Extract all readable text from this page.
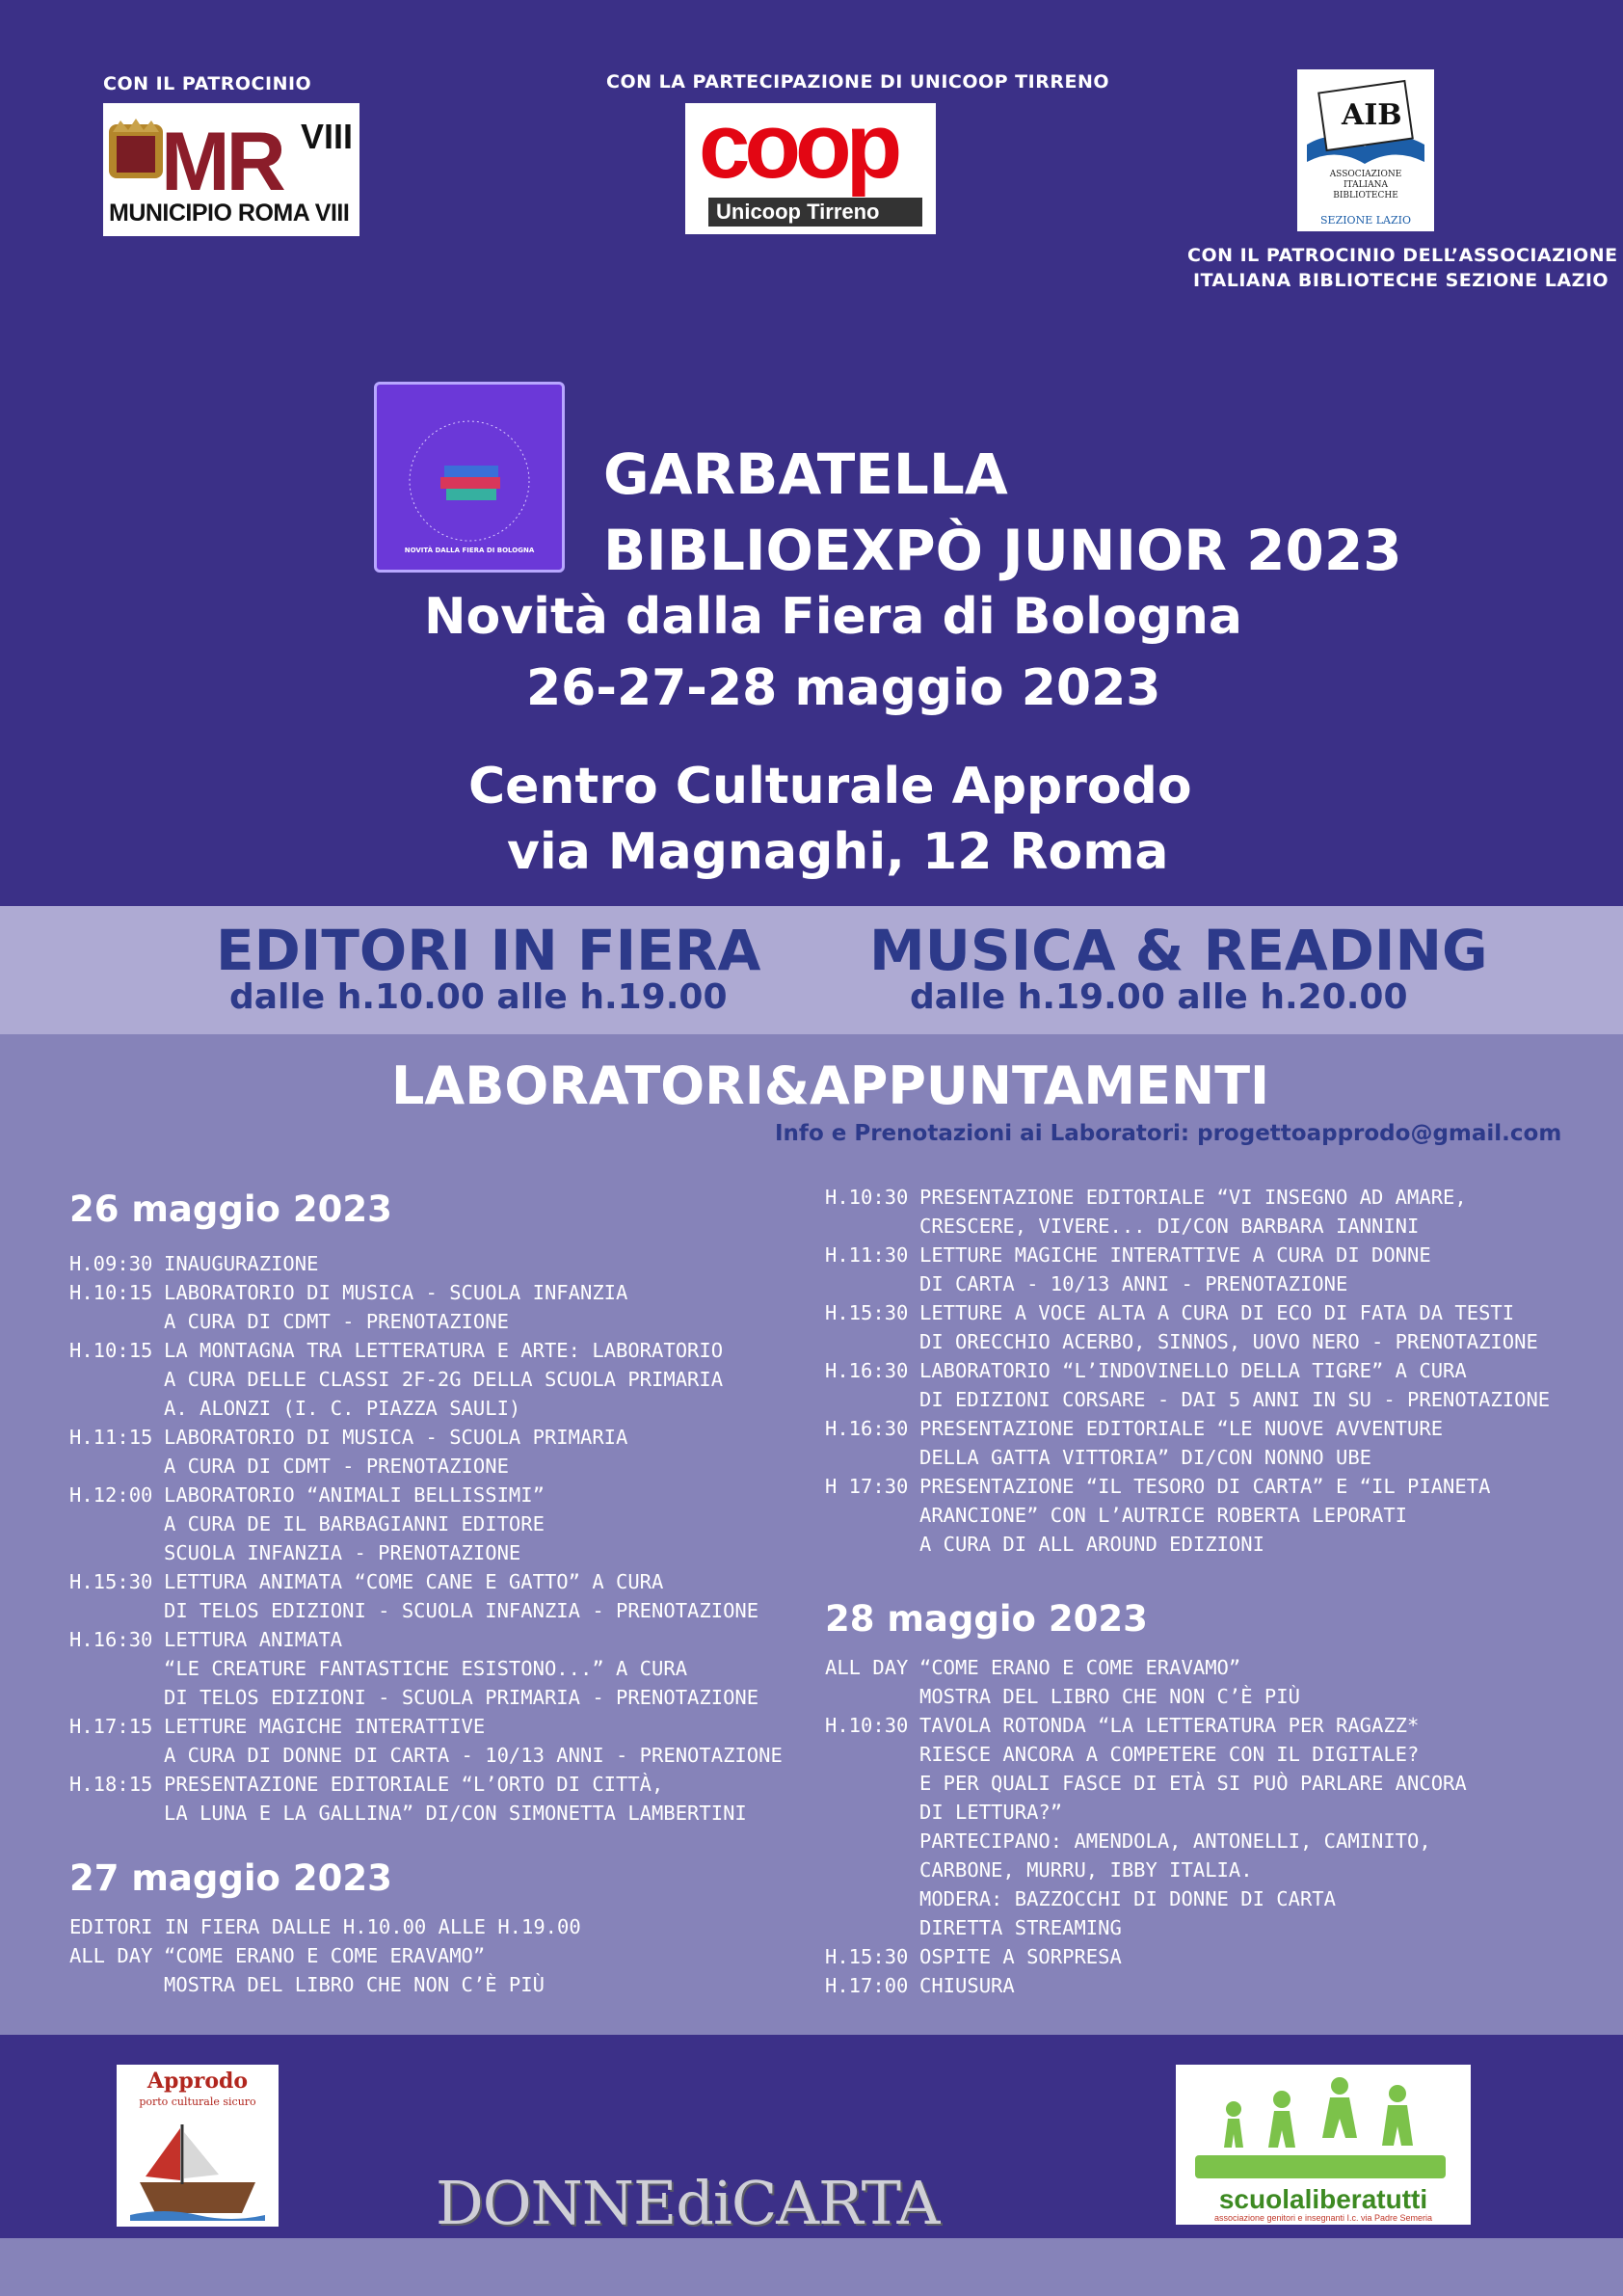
CON IL PATROCINIO	CON LA PARTECIPAZIONE DI UNICOOP TIRRENO
MR VIII
MUNICIPIO ROMA VIII
coop
Unicoop Tirreno
AIB
ASSOCIAZIONE
ITALIANA
BIBLIOTECHE
SEZIONE LAZIO
CON IL PATROCINIO DELL’ASSOCIAZIONE
ITALIANA BIBLIOTECHE SEZIONE LAZIO
NOVITÀ DALLA FIERA DI BOLOGNA
GARBATELLA
BIBLIOEXPÒ JUNIOR 2023
Novità dalla Fiera di Bologna
26-27-28 maggio 2023
Centro Culturale Approdo
via Magnaghi, 12 Roma
EDITORI IN FIERA
dalle h.10.00 alle h.19.00
MUSICA & READING
dalle h.19.00 alle h.20.00
LABORATORI&APPUNTAMENTI
Info e Prenotazioni ai Laboratori: progettoapprodo@gmail.com
26 maggio 2023
H.09:30 INAUGURAZIONE
H.10:15 LABORATORIO DI MUSICA - SCUOLA INFANZIA
A CURA DI CDMT - PRENOTAZIONE
H.10:15 LA MONTAGNA TRA LETTERATURA E ARTE: LABORATORIO
A CURA DELLE CLASSI 2F-2G DELLA SCUOLA PRIMARIA
A. ALONZI (I. C. PIAZZA SAULI)
H.11:15 LABORATORIO DI MUSICA - SCUOLA PRIMARIA
A CURA DI CDMT - PRENOTAZIONE
H.12:00 LABORATORIO “ANIMALI BELLISSIMI”
A CURA DE IL BARBAGIANNI EDITORE
SCUOLA INFANZIA - PRENOTAZIONE
H.15:30 LETTURA ANIMATA “COME CANE E GATTO” A CURA
DI TELOS EDIZIONI - SCUOLA INFANZIA - PRENOTAZIONE
H.16:30 LETTURA ANIMATA
“LE CREATURE FANTASTICHE ESISTONO...” A CURA
DI TELOS EDIZIONI - SCUOLA PRIMARIA - PRENOTAZIONE
H.17:15 LETTURE MAGICHE INTERATTIVE
A CURA DI DONNE DI CARTA - 10/13 ANNI - PRENOTAZIONE
H.18:15 PRESENTAZIONE EDITORIALE “L’ORTO DI CITTÀ,
LA LUNA E LA GALLINA” DI/CON SIMONETTA LAMBERTINI
27 maggio 2023
EDITORI IN FIERA DALLE H.10.00 ALLE H.19.00
ALL DAY “COME ERANO E COME ERAVAMO”
MOSTRA DEL LIBRO CHE NON C’È PIÙ
H.10:30 PRESENTAZIONE EDITORIALE “VI INSEGNO AD AMARE,
CRESCERE, VIVERE... DI/CON BARBARA IANNINI
H.11:30 LETTURE MAGICHE INTERATTIVE A CURA DI DONNE
DI CARTA - 10/13 ANNI - PRENOTAZIONE
H.15:30 LETTURE A VOCE ALTA A CURA DI ECO DI FATA DA TESTI
DI ORECCHIO ACERBO, SINNOS, UOVO NERO - PRENOTAZIONE
H.16:30 LABORATORIO “L’INDOVINELLO DELLA TIGRE” A CURA
DI EDIZIONI CORSARE - DAI 5 ANNI IN SU - PRENOTAZIONE
H.16:30 PRESENTAZIONE EDITORIALE “LE NUOVE AVVENTURE
DELLA GATTA VITTORIA” DI/CON NONNO UBE
H 17:30 PRESENTAZIONE “IL TESORO DI CARTA” E “IL PIANETA
ARANCIONE” CON L’AUTRICE ROBERTA LEPORATI
A CURA DI ALL AROUND EDIZIONI
28 maggio 2023
ALL DAY “COME ERANO E COME ERAVAMO”
MOSTRA DEL LIBRO CHE NON C’È PIÙ
H.10:30 TAVOLA ROTONDA “LA LETTERATURA PER RAGAZZ*
RIESCE ANCORA A COMPETERE CON IL DIGITALE?
E PER QUALI FASCE DI ETÀ SI PUÒ PARLARE ANCORA
DI LETTURA?”
PARTECIPANO: AMENDOLA, ANTONELLI, CAMINITO,
CARBONE, MURRU, IBBY ITALIA.
MODERA: BAZZOCCHI DI DONNE DI CARTA
DIRETTA STREAMING
H.15:30 OSPITE A SORPRESA
H.17:00 CHIUSURA
Approdo
porto culturale sicuro
DONNEdiCARTA	scuolaliberatutti
associazione genitori e insegnanti I.c. via Padre Semeria
